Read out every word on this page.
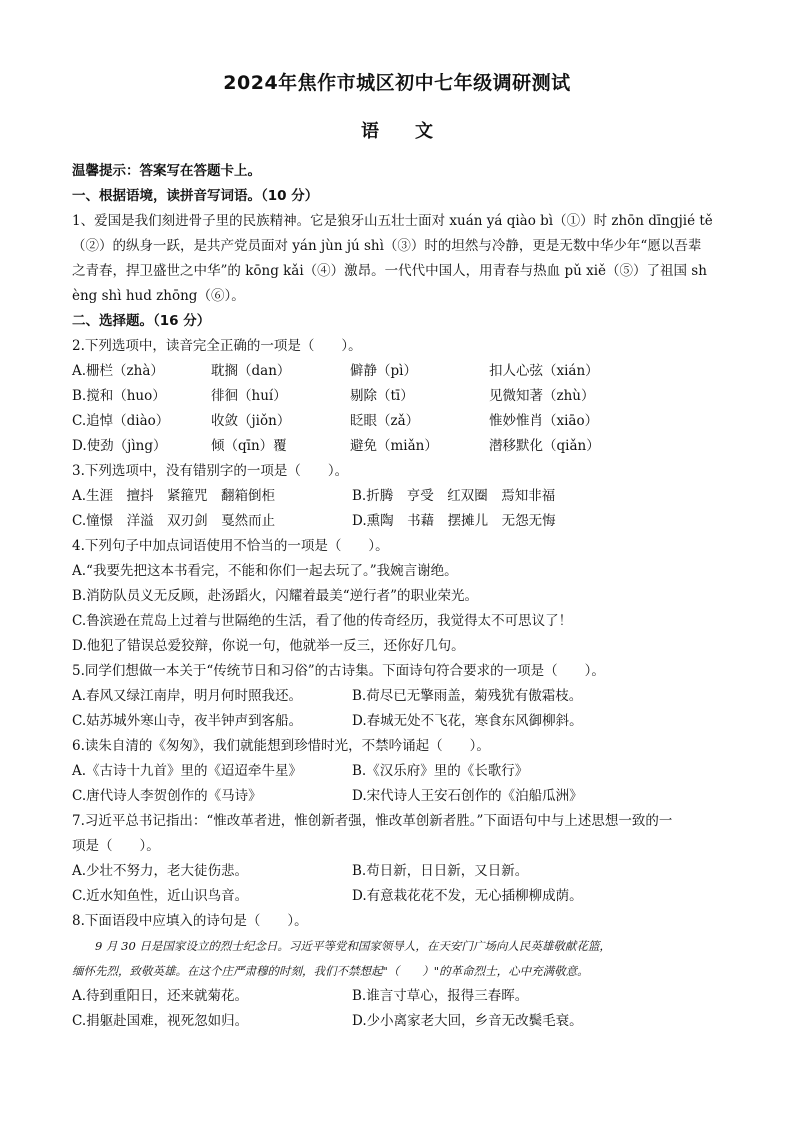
2024年焦作市城区初中七年级调研测试
语 文
温馨提示：答案写在答题卡上。
一、根据语境，读拼音写词语。（10 分）
1、爱国是我们刻进骨子里的民族精神。它是狼牙山五壮士面对 xuán yá qiào bì（①）时 zhōn dīngjié tě
（②）的纵身一跃，是共产党员面对 yán jùn jú shì（③）时的坦然与冷静，更是无数中华少年“愿以吾辈
之青春，捍卫盛世之中华”的 kōng kǎi（④）激昂。一代代中国人，用青春与热血 pǔ xiě（⑤）了祖国 sh
èng shì hud zhōng（⑥）。
二、选择题。（16 分）
2.下列选项中，读音完全正确的一项是（　　）。
A.栅栏（zhà）	耽搁（dan）	僻静（pì）	扣人心弦（xián）
B.搅和（huo）	徘徊（huí）	剔除（tī）	见微知著（zhù）
C.追悼（diào）	收敛（jiǒn）	眨眼（zǎ）	惟妙惟肖（xiāo）
D.使劲（jìng）	倾（qīn）覆	避免（miǎn）	潜移默化（qiǎn）
3.下列选项中，没有错别字的一项是（　　）。
A.生涯　擅抖　紧箍咒　翻箱倒柜	B.折腾　亨受　红双圈　焉知非福
C.憧憬　洋溢　双刃剑　戛然而止	D.熏陶　书藉　摆摊儿　无怨无悔
4.下列句子中加点词语使用不恰当的一项是（　　）。
A.“我要先把这本书看完，不能和你们一起去玩了。”我婉言谢绝。
B.消防队员义无反顾，赴汤蹈火，闪耀着最美“逆行者”的职业荣光。
C.鲁滨逊在荒岛上过着与世隔绝的生活，看了他的传奇经历，我觉得太不可思议了！
D.他犯了错误总爱狡辩，你说一句，他就举一反三，还你好几句。
5.同学们想做一本关于“传统节日和习俗”的古诗集。下面诗句符合要求的一项是（　　）。
A.春风又绿江南岸，明月何时照我还。	B.荷尽已无擎雨盖，菊残犹有傲霜枝。
C.姑苏城外寒山寺，夜半钟声到客船。	D.春城无处不飞花，寒食东风御柳斜。
6.读朱自清的《匆匆》，我们就能想到珍惜时光，不禁吟诵起（　　）。
A.《古诗十九首》里的《迢迢牵牛星》	B.《汉乐府》里的《长歌行》
C.唐代诗人李贺创作的《马诗》	D.宋代诗人王安石创作的《泊船瓜洲》
7.习近平总书记指出：“惟改革者进，惟创新者强，惟改革创新者胜。”下面语句中与上述思想一致的一
项是（　　）。
A.少壮不努力，老大徒伤悲。	B.苟日新，日日新，又日新。
C.近水知鱼性，近山识鸟音。	D.有意栽花花不发，无心插柳柳成荫。
8.下面语段中应填入的诗句是（　　）。
9 月 30 日是国家设立的烈士纪念日。习近平等党和国家领导人，在天安门广场向人民英雄敬献花篮，
缅怀先烈，致敬英雄。在这个庄严肃穆的时刻，我们不禁想起"（　　）"的革命烈士，心中充满敬意。
A.待到重阳日，还来就菊花。	B.谁言寸草心，报得三春晖。
C.捐躯赴国难，视死忽如归。	D.少小离家老大回，乡音无改鬓毛衰。
